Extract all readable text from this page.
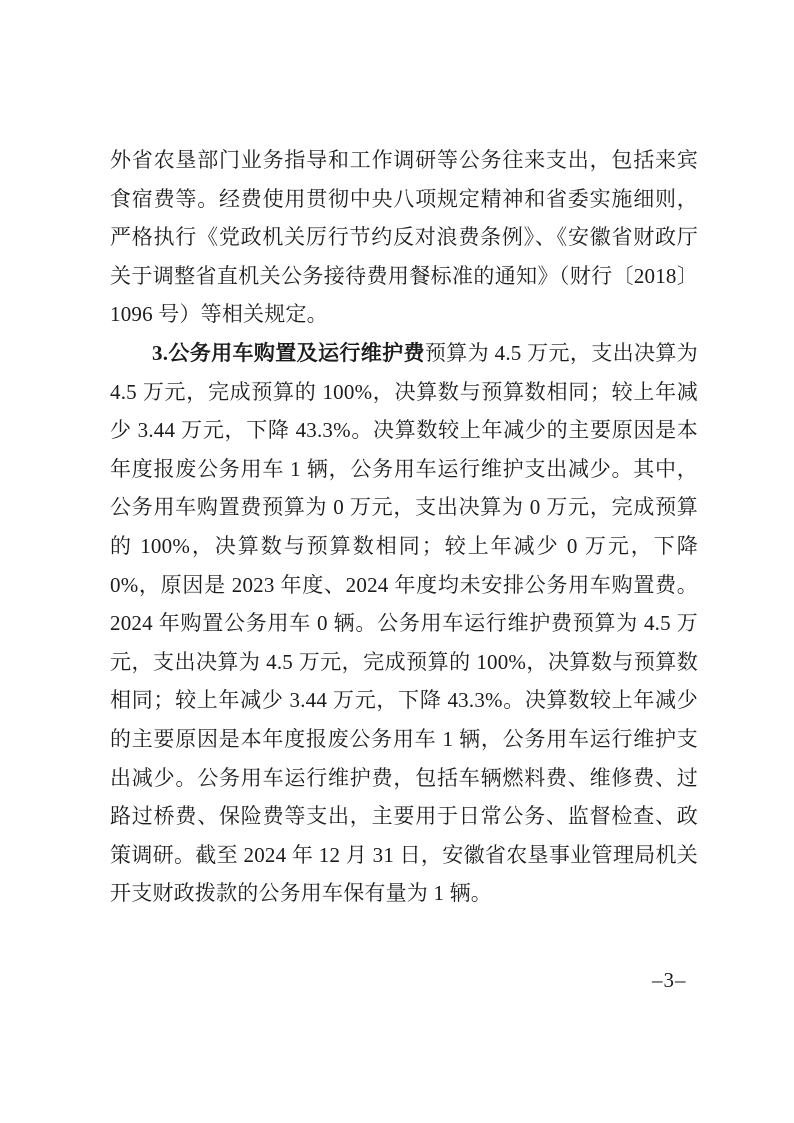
外省农垦部门业务指导和工作调研等公务往来支出，包括来宾食宿费等。经费使用贯彻中央八项规定精神和省委实施细则，严格执行《党政机关厉行节约反对浪费条例》、《安徽省财政厅关于调整省直机关公务接待费用餐标准的通知》（财行〔2018〕1096 号）等相关规定。

3.公务用车购置及运行维护费预算为 4.5 万元，支出决算为 4.5 万元，完成预算的 100%，决算数与预算数相同；较上年减少 3.44 万元，下降 43.3%。决算数较上年减少的主要原因是本年度报废公务用车 1 辆，公务用车运行维护支出减少。其中，公务用车购置费预算为 0 万元，支出决算为 0 万元，完成预算的 100%，决算数与预算数相同；较上年减少 0 万元，下降 0%，原因是 2023 年度、2024 年度均未安排公务用车购置费。2024 年购置公务用车 0 辆。公务用车运行维护费预算为 4.5 万元，支出决算为 4.5 万元，完成预算的 100%，决算数与预算数相同；较上年减少 3.44 万元，下降 43.3%。决算数较上年减少的主要原因是本年度报废公务用车 1 辆，公务用车运行维护支出减少。公务用车运行维护费，包括车辆燃料费、维修费、过路过桥费、保险费等支出，主要用于日常公务、监督检查、政策调研。截至 2024 年 12 月 31 日，安徽省农垦事业管理局机关开支财政拨款的公务用车保有量为 1 辆。

–3–
